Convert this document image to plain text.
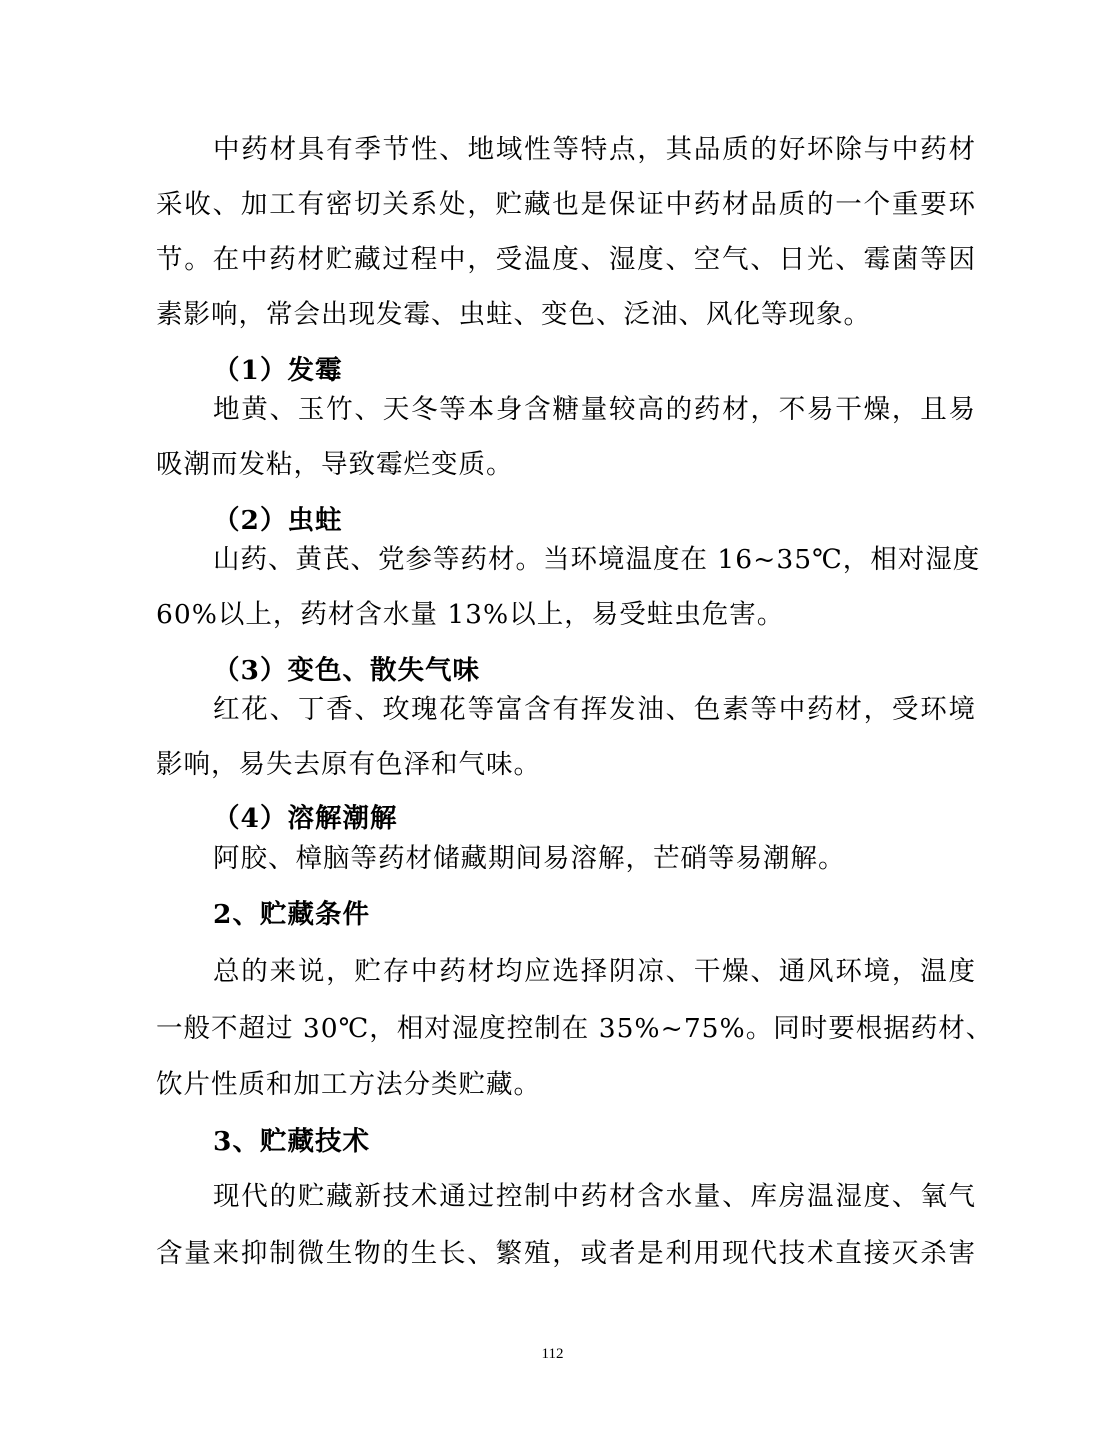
中药材具有季节性、地域性等特点，其品质的好坏除与中药材
采收、加工有密切关系处，贮藏也是保证中药材品质的一个重要环
节。在中药材贮藏过程中，受温度、湿度、空气、日光、霉菌等因
素影响，常会出现发霉、虫蛀、变色、泛油、风化等现象。
（1）发霉
地黄、玉竹、天冬等本身含糖量较高的药材，不易干燥，且易
吸潮而发粘，导致霉烂变质。
（2）虫蛀
山药、黄芪、党参等药材。当环境温度在 16~35℃，相对湿度
60%以上，药材含水量 13%以上，易受蛀虫危害。
（3）变色、散失气味
红花、丁香、玫瑰花等富含有挥发油、色素等中药材，受环境
影响，易失去原有色泽和气味。
（4）溶解潮解
阿胶、樟脑等药材储藏期间易溶解，芒硝等易潮解。
2、贮藏条件
总的来说，贮存中药材均应选择阴凉、干燥、通风环境，温度
一般不超过 30℃，相对湿度控制在 35%~75%。同时要根据药材、
饮片性质和加工方法分类贮藏。
3、贮藏技术
现代的贮藏新技术通过控制中药材含水量、库房温湿度、氧气
含量来抑制微生物的生长、繁殖，或者是利用现代技术直接灭杀害
112
